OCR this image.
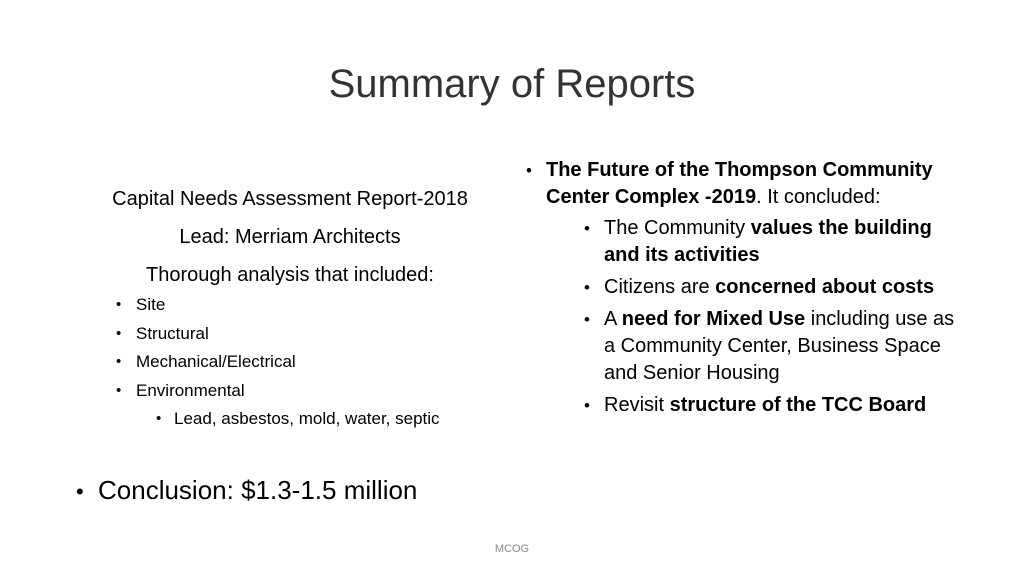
Summary of Reports
Capital Needs Assessment Report-2018
Lead: Merriam Architects
Thorough analysis that included:
• Site
• Structural
• Mechanical/Electrical
• Environmental
• Lead, asbestos, mold, water, septic
• Conclusion: $1.3-1.5 million
• The Future of the Thompson Community Center Complex -2019. It concluded:
• The Community values the building and its activities
• Citizens are concerned about costs
• A need for Mixed Use including use as a Community Center, Business Space and Senior Housing
• Revisit structure of the TCC Board
MCOG
